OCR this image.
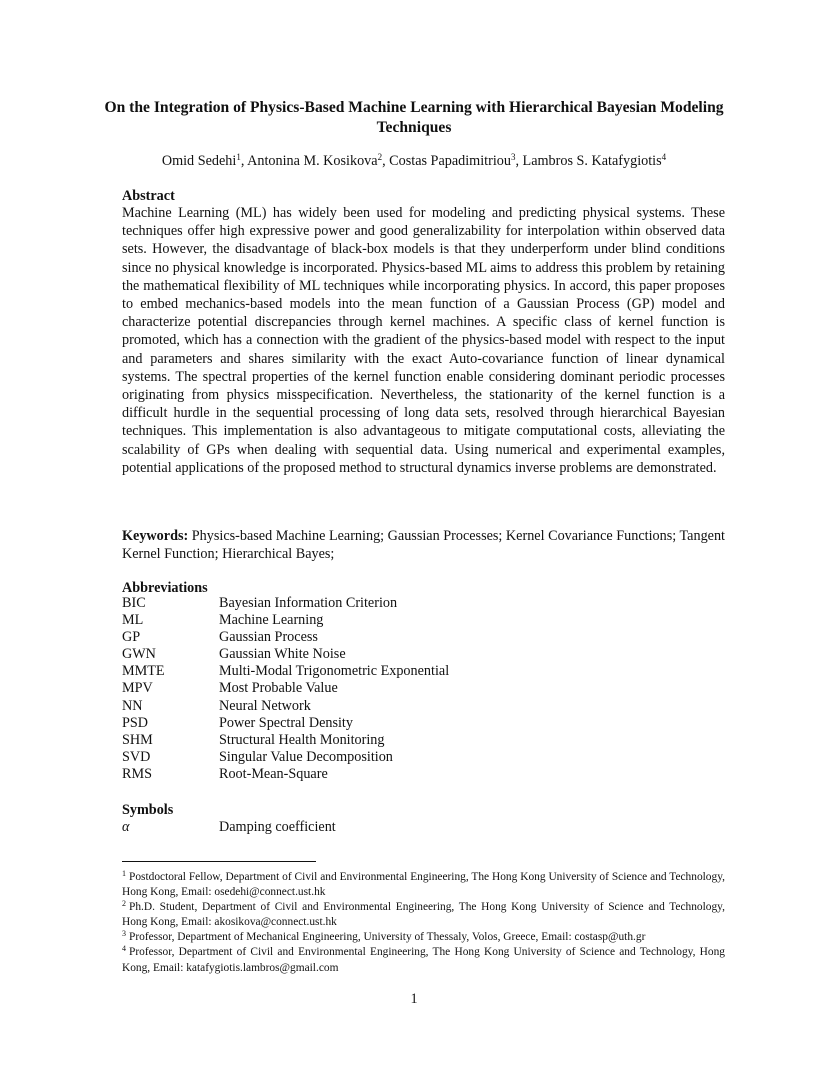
On the Integration of Physics-Based Machine Learning with Hierarchical Bayesian Modeling Techniques
Omid Sedehi$^1$, Antonina M. Kosikova$^2$, Costas Papadimitriou$^3$, Lambros S. Katafygiotis$^4$
Abstract
Machine Learning (ML) has widely been used for modeling and predicting physical systems. These techniques offer high expressive power and good generalizability for interpolation within observed data sets. However, the disadvantage of black-box models is that they underperform under blind conditions since no physical knowledge is incorporated. Physics-based ML aims to address this problem by retaining the mathematical flexibility of ML techniques while incorporating physics. In accord, this paper proposes to embed mechanics-based models into the mean function of a Gaussian Process (GP) model and characterize potential discrepancies through kernel machines. A specific class of kernel function is promoted, which has a connection with the gradient of the physics-based model with respect to the input and parameters and shares similarity with the exact Auto-covariance function of linear dynamical systems. The spectral properties of the kernel function enable considering dominant periodic processes originating from physics misspecification. Nevertheless, the stationarity of the kernel function is a difficult hurdle in the sequential processing of long data sets, resolved through hierarchical Bayesian techniques. This implementation is also advantageous to mitigate computational costs, alleviating the scalability of GPs when dealing with sequential data. Using numerical and experimental examples, potential applications of the proposed method to structural dynamics inverse problems are demonstrated.
Keywords: Physics-based Machine Learning; Gaussian Processes; Kernel Covariance Functions; Tangent Kernel Function; Hierarchical Bayes;
Abbreviations
BIC	Bayesian Information Criterion
ML	Machine Learning
GP	Gaussian Process
GWN	Gaussian White Noise
MMTE	Multi-Modal Trigonometric Exponential
MPV	Most Probable Value
NN	Neural Network
PSD	Power Spectral Density
SHM	Structural Health Monitoring
SVD	Singular Value Decomposition
RMS	Root-Mean-Square
Symbols
α	Damping coefficient
$^1$ Postdoctoral Fellow, Department of Civil and Environmental Engineering, The Hong Kong University of Science and Technology, Hong Kong, Email: osedehi@connect.ust.hk
$^2$ Ph.D. Student, Department of Civil and Environmental Engineering, The Hong Kong University of Science and Technology, Hong Kong, Email: akosikova@connect.ust.hk
$^3$ Professor, Department of Mechanical Engineering, University of Thessaly, Volos, Greece, Email: costasp@uth.gr
$^4$ Professor, Department of Civil and Environmental Engineering, The Hong Kong University of Science and Technology, Hong Kong, Email: katafygiotis.lambros@gmail.com
1
